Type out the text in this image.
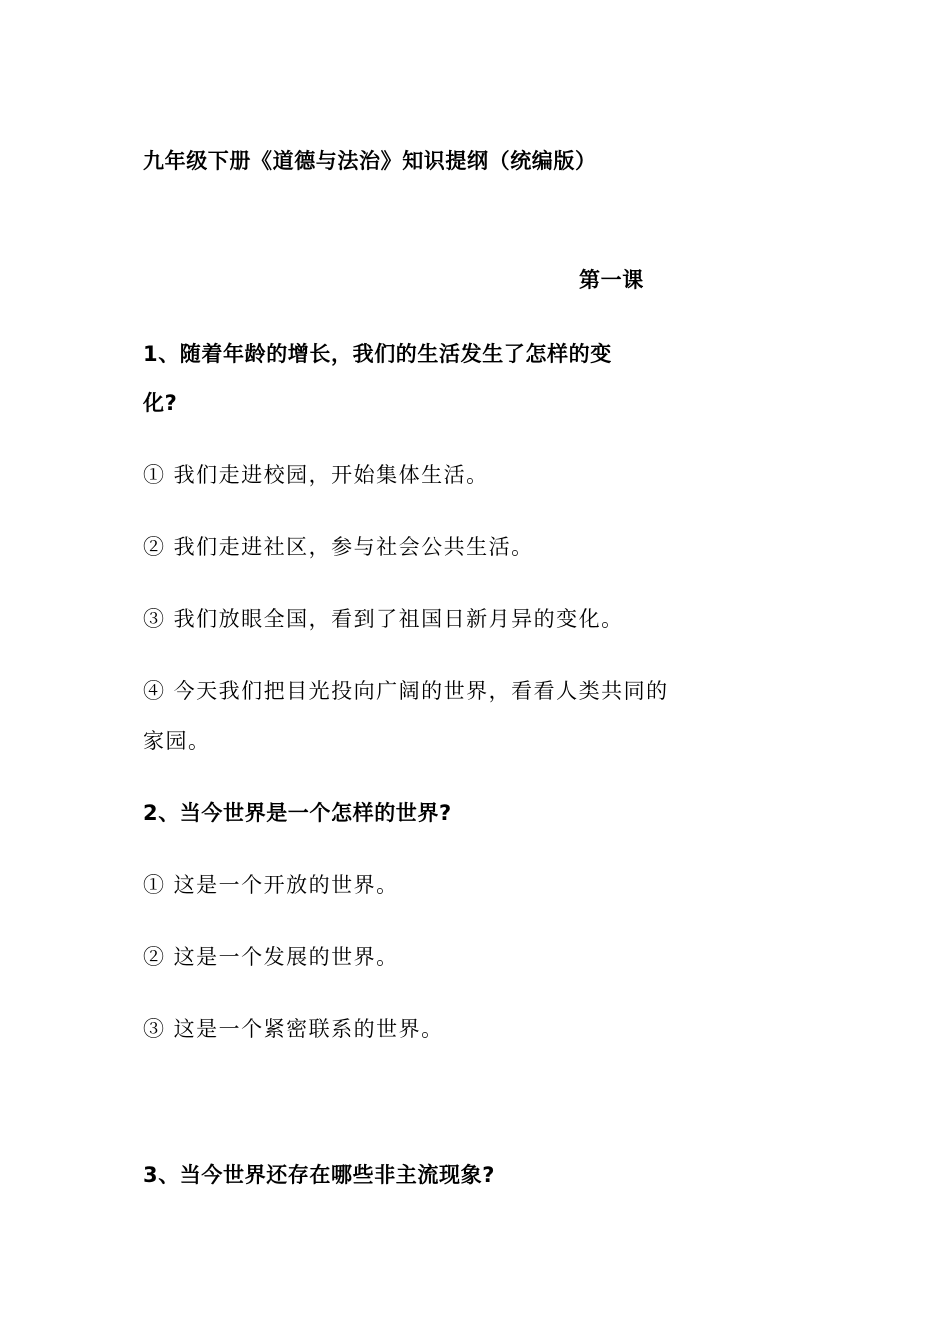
九年级下册《道德与法治》知识提纲（统编版）
第一课
1、随着年龄的增长，我们的生活发生了怎样的变
化?
① 我们走进校园，开始集体生活。
② 我们走进社区，参与社会公共生活。
③ 我们放眼全国，看到了祖国日新月异的变化。
④ 今天我们把目光投向广阔的世界，看看人类共同的
家园。
2、当今世界是一个怎样的世界?
① 这是一个开放的世界。
② 这是一个发展的世界。
③ 这是一个紧密联系的世界。
3、当今世界还存在哪些非主流现象?
